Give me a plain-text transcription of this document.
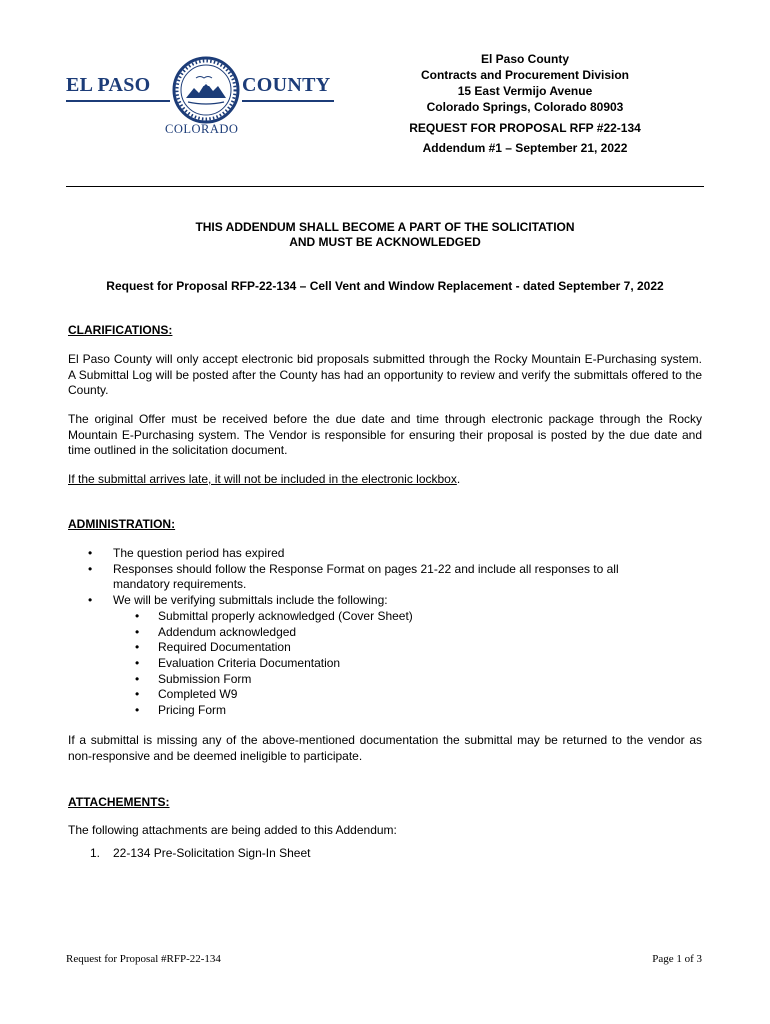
EL PASO	COUNTY
COLORADO
El Paso County
Contracts and Procurement Division
15 East Vermijo Avenue
Colorado Springs, Colorado 80903
REQUEST FOR PROPOSAL RFP #22-134
Addendum #1 – September 21, 2022
THIS ADDENDUM SHALL BECOME A PART OF THE SOLICITATION
AND MUST BE ACKNOWLEDGED
Request for Proposal RFP-22-134 – Cell Vent and Window Replacement - dated September 7, 2022
CLARIFICATIONS:
El Paso County will only accept electronic bid proposals submitted through the Rocky Mountain E-Purchasing system. A Submittal Log will be posted after the County has had an opportunity to review and verify the submittals offered to the County.
The original Offer must be received before the due date and time through electronic package through the Rocky Mountain E-Purchasing system. The Vendor is responsible for ensuring their proposal is posted by the due date and time outlined in the solicitation document.
If the submittal arrives late, it will not be included in the electronic lockbox.
ADMINISTRATION:
• The question period has expired
• Responses should follow the Response Format on pages 21-22 and include all responses to all mandatory requirements.
• We will be verifying submittals include the following:
• Submittal properly acknowledged (Cover Sheet)
• Addendum acknowledged
• Required Documentation
• Evaluation Criteria Documentation
• Submission Form
• Completed W9
• Pricing Form
If a submittal is missing any of the above-mentioned documentation the submittal may be returned to the vendor as non-responsive and be deemed ineligible to participate.
ATTACHEMENTS:
The following attachments are being added to this Addendum:
1. 22-134 Pre-Solicitation Sign-In Sheet
Request for Proposal #RFP-22-134	Page 1 of 3
